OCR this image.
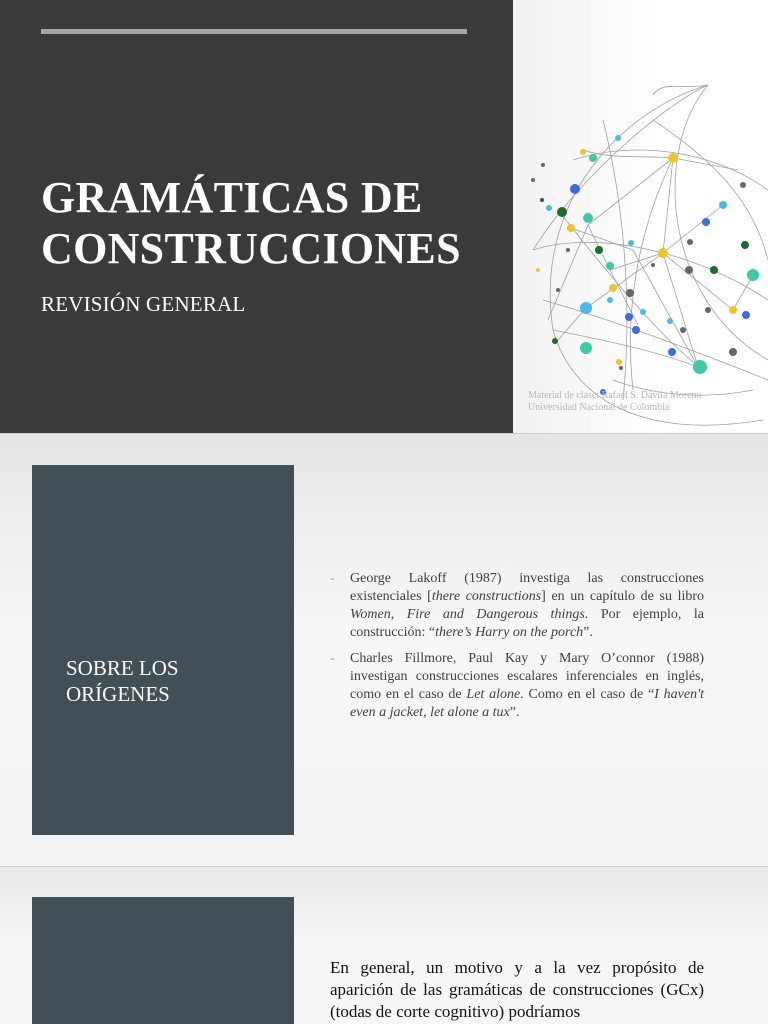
GRAMÁTICAS DE CONSTRUCCIONES
REVISIÓN GENERAL
Material de clase: Rafael S. Dávila Moreno
Universidad Nacional de Colombia
SOBRE LOS
ORÍGENES
- George Lakoff (1987) investiga las construcciones existenciales [there constructions] en un capítulo de su libro Women, Fire and Dangerous things. Por ejemplo, la construcción: “there’s Harry on the porch”.
- Charles Fillmore, Paul Kay y Mary O’connor (1988) investigan construcciones escalares inferenciales en inglés, como en el caso de Let alone. Como en el caso de “I haven't even a jacket, let alone a tux”.

En general, un motivo y a la vez propósito de aparición de las gramáticas de construcciones (GCx) (todas de corte cognitivo) podríamos
